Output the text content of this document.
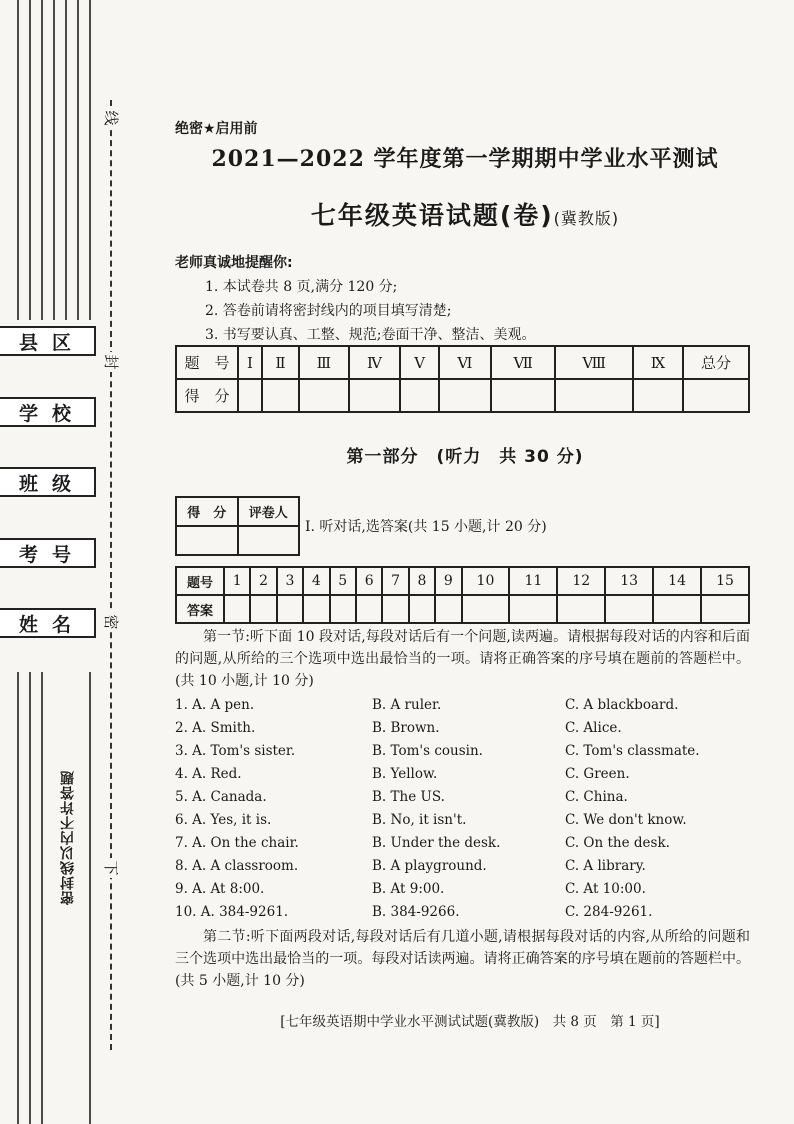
线
封
密
下
县区
学校
班级
考号
姓名
密封线以内不许答题
绝密★启用前
2021—2022 学年度第一学期期中学业水平测试
七年级英语试题(卷)(冀教版)
老师真诚地提醒你:
1. 本试卷共 8 页,满分 120 分;
2. 答卷前请将密封线内的项目填写清楚;
3. 书写要认真、工整、规范;卷面干净、整洁、美观。
题　号	Ⅰ	Ⅱ	Ⅲ	Ⅳ	Ⅴ	Ⅵ	Ⅶ	Ⅷ	Ⅸ	总分
得　分										
第一部分　(听力　共 30 分)
得　分	评卷人

Ⅰ. 听对话,选答案(共 15 小题,计 20 分)
题号	1	2	3	4	5	6	7	8	9	10	11	12	13	14	15
答案															
第一节:听下面 10 段对话,每段对话后有一个问题,读两遍。请根据每段对话的内容和后面的问题,从所给的三个选项中选出最恰当的一项。请将正确答案的序号填在题前的答题栏中。(共 10 小题,计 10 分)
1. A. A pen.	B. A ruler.	C. A blackboard.
2. A. Smith.	B. Brown.	C. Alice.
3. A. Tom's sister.	B. Tom's cousin.	C. Tom's classmate.
4. A. Red.	B. Yellow.	C. Green.
5. A. Canada.	B. The US.	C. China.
6. A. Yes, it is.	B. No, it isn't.	C. We don't know.
7. A. On the chair.	B. Under the desk.	C. On the desk.
8. A. A classroom.	B. A playground.	C. A library.
9. A. At 8:00.	B. At 9:00.	C. At 10:00.
10. A. 384-9261.	B. 384-9266.	C. 284-9261.
第二节:听下面两段对话,每段对话后有几道小题,请根据每段对话的内容,从所给的问题和三个选项中选出最恰当的一项。每段对话读两遍。请将正确答案的序号填在题前的答题栏中。(共 5 小题,计 10 分)
[七年级英语期中学业水平测试试题(冀教版)　共 8 页　第 1 页]
